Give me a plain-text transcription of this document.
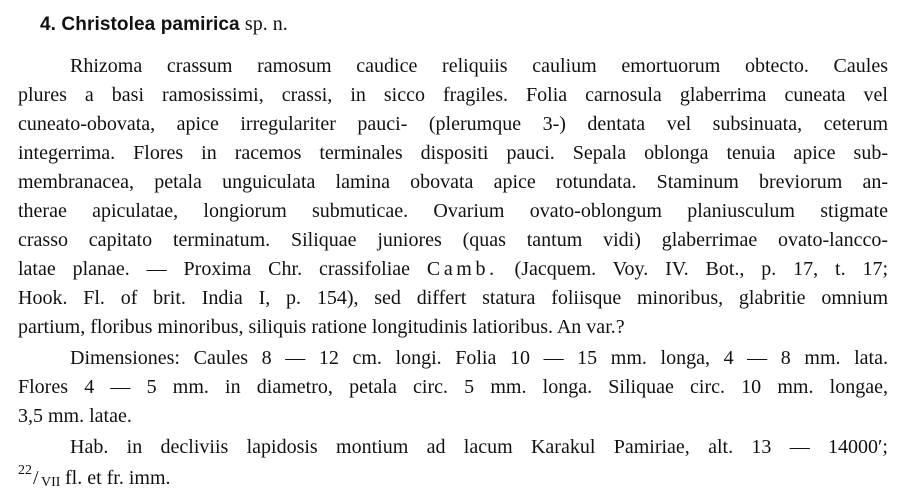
4. Christolea pamirica sp. n.
Rhizoma crassum ramosum caudice reliquiis caulium emortuorum obtecto. Caules
plures a basi ramosissimi, crassi, in sicco fragiles. Folia carnosula glaberrima cuneata vel
cuneato-obovata, apice irregulariter pauci- (plerumque 3-) dentata vel subsinuata, ceterum
integerrima. Flores in racemos terminales dispositi pauci. Sepala oblonga tenuia apice sub-
membranacea, petala unguiculata lamina obovata apice rotundata. Staminum breviorum an-
therae apiculatae, longiorum submuticae. Ovarium ovato-oblongum planiusculum stigmate
crasso capitato terminatum. Siliquae juniores (quas tantum vidi) glaberrimae ovato-lancco-
latae planae. — Proxima Chr. crassifoliae Camb. (Jacquem. Voy. IV. Bot., p. 17, t. 17;
Hook. Fl. of brit. India I, p. 154), sed differt statura foliisque minoribus, glabritie omnium
partium, floribus minoribus, siliquis ratione longitudinis latioribus. An var.?
Dimensiones: Caules 8 — 12 cm. longi. Folia 10 — 15 mm. longa, 4 — 8 mm. lata.
Flores 4 — 5 mm. in diametro, petala circ. 5 mm. longa. Siliquae circ. 10 mm. longae,
3,5 mm. latae.
Hab. in decliviis lapidosis montium ad lacum Karakul Pamiriae, alt. 13 — 14000′;
22 / VII fl. et fr. imm.
